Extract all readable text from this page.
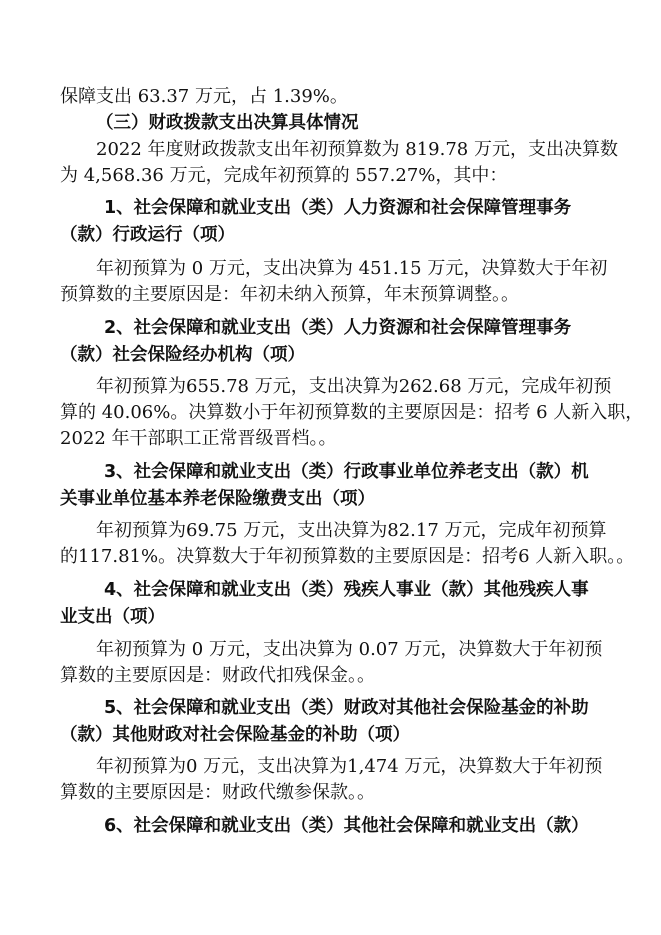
保障支出 63.37 万元，占 1.39%。
（三）财政拨款支出决算具体情况
2022 年度财政拨款支出年初预算数为 819.78 万元，支出决算数
为 4,568.36 万元，完成年初预算的 557.27%，其中：
1、社会保障和就业支出（类）人力资源和社会保障管理事务
（款）行政运行（项）
年初预算为 0 万元，支出决算为 451.15 万元，决算数大于年初
预算数的主要原因是：年初未纳入预算，年末预算调整。。
2、社会保障和就业支出（类）人力资源和社会保障管理事务
（款）社会保险经办机构（项）
年初预算为655.78 万元，支出决算为262.68 万元，完成年初预
算的 40.06%。决算数小于年初预算数的主要原因是：招考 6 人新入职，
2022 年干部职工正常晋级晋档。。
3、社会保障和就业支出（类）行政事业单位养老支出（款）机
关事业单位基本养老保险缴费支出（项）
年初预算为69.75 万元，支出决算为82.17 万元，完成年初预算
的117.81%。决算数大于年初预算数的主要原因是：招考6 人新入职。。
4、社会保障和就业支出（类）残疾人事业（款）其他残疾人事
业支出（项）
年初预算为 0 万元，支出决算为 0.07 万元，决算数大于年初预
算数的主要原因是：财政代扣残保金。。
5、社会保障和就业支出（类）财政对其他社会保险基金的补助
（款）其他财政对社会保险基金的补助（项）
年初预算为0 万元，支出决算为1,474 万元，决算数大于年初预
算数的主要原因是：财政代缴参保款。。
6、社会保障和就业支出（类）其他社会保障和就业支出（款）
